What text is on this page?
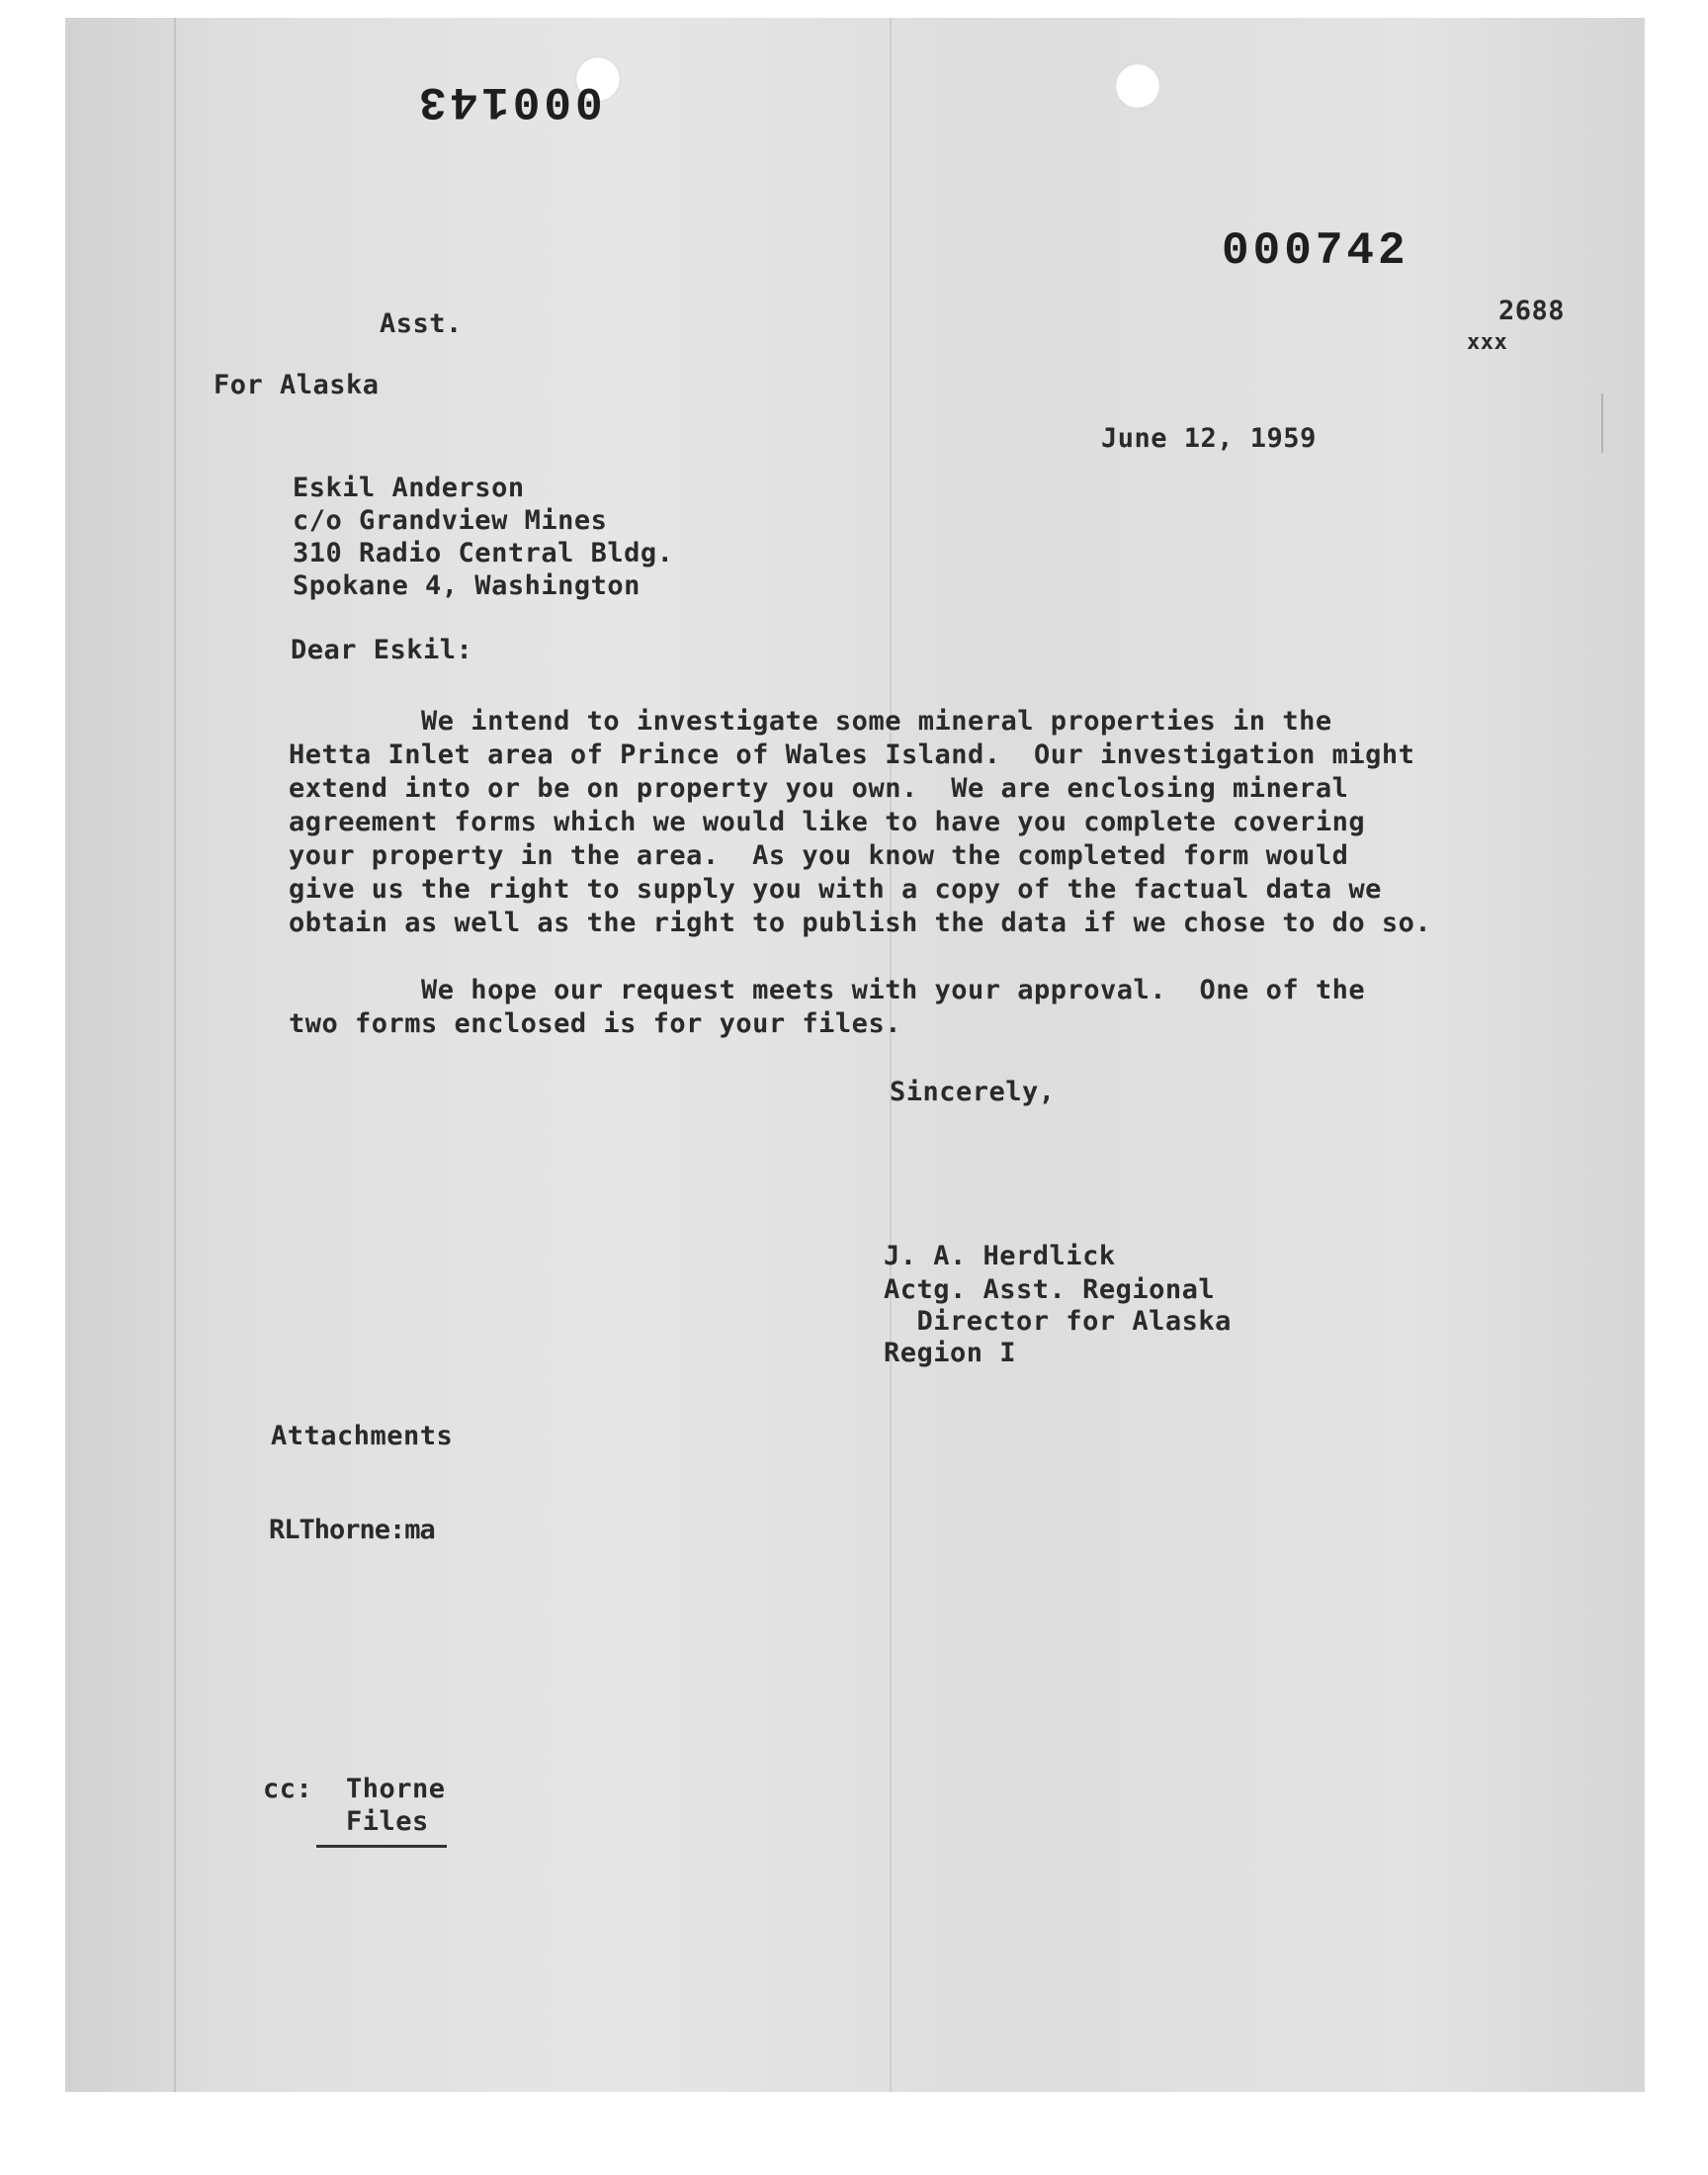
000143
000742
2688
xxx
Asst.
For Alaska
June 12, 1959
Eskil Anderson
c/o Grandview Mines
310 Radio Central Bldg.
Spokane 4, Washington
Dear Eskil:
We intend to investigate some mineral properties in the
Hetta Inlet area of Prince of Wales Island.  Our investigation might
extend into or be on property you own.  We are enclosing mineral
agreement forms which we would like to have you complete covering
your property in the area.  As you know the completed form would
give us the right to supply you with a copy of the factual data we
obtain as well as the right to publish the data if we chose to do so.
We hope our request meets with your approval.  One of the
two forms enclosed is for your files.
Sincerely,
J. A. Herdlick
Actg. Asst. Regional
Director for Alaska
Region I
Attachments
RLThorne:ma
cc: Thorne
Files
